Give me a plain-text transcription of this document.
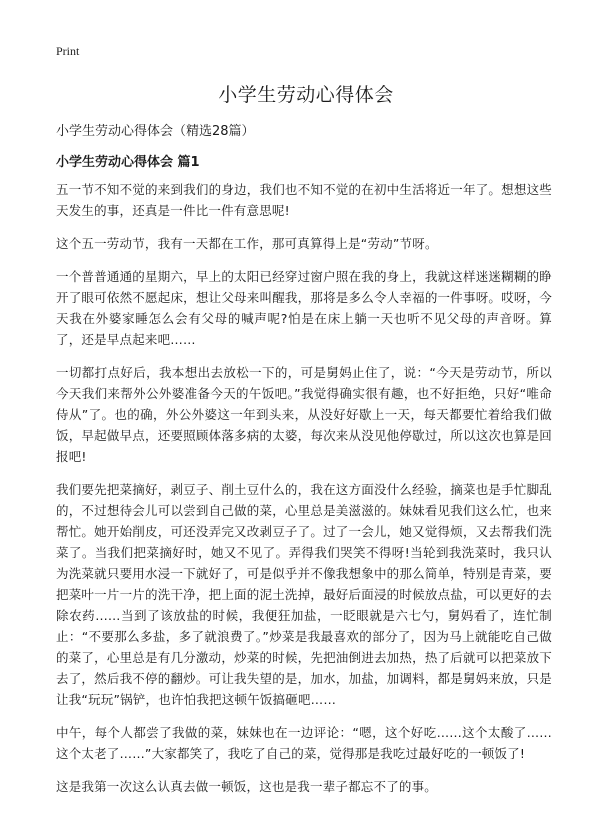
Print
小学生劳动心得体会

小学生劳动心得体会（精选28篇）

小学生劳动心得体会 篇1

五一节不知不觉的来到我们的身边，我们也不知不觉的在初中生活将近一年了。想想这些天发生的事，还真是一件比一件有意思呢!

这个五一劳动节，我有一天都在工作，那可真算得上是“劳动”节呀。

一个普普通通的星期六，早上的太阳已经穿过窗户照在我的身上，我就这样迷迷糊糊的睁开了眼可依然不愿起床，想让父母来叫醒我，那将是多么令人幸福的一件事呀。哎呀，今天我在外婆家睡怎么会有父母的喊声呢?怕是在床上躺一天也听不见父母的声音呀。算了，还是早点起来吧……

一切都打点好后，我本想出去放松一下的，可是舅妈止住了，说：“今天是劳动节，所以今天我们来帮外公外婆准备今天的午饭吧。”我觉得确实很有趣，也不好拒绝，只好“唯命侍从”了。也的确，外公外婆这一年到头来，从没好好歇上一天，每天都要忙着给我们做饭，早起做早点，还要照顾体落多病的太婆，每次来从没见他停歇过，所以这次也算是回报吧!

我们要先把菜摘好，剥豆子、削土豆什么的，我在这方面没什么经验，摘菜也是手忙脚乱的，不过想待会儿可以尝到自己做的菜，心里总是美滋滋的。妹妹看见我们这么忙，也来帮忙。她开始削皮，可还没弄完又改剥豆子了。过了一会儿，她又觉得烦，又去帮我们洗菜了。当我们把菜摘好时，她又不见了。弄得我们哭笑不得呀!当轮到我洗菜时，我只认为洗菜就只要用水浸一下就好了，可是似乎并不像我想象中的那么简单，特别是青菜，要把菜叶一片一片的洗干净，把上面的泥土洗掉，最好后面浸的时候放点盐，可以更好的去除农药……当到了该放盐的时候，我便狂加盐，一眨眼就是六七勺，舅妈看了，连忙制止：“不要那么多盐，多了就浪费了。”炒菜是我最喜欢的部分了，因为马上就能吃自己做的菜了，心里总是有几分激动，炒菜的时候，先把油倒进去加热，热了后就可以把菜放下去了，然后我不停的翻炒。可让我失望的是，加水，加盐，加调料，都是舅妈来放，只是让我“玩玩”锅铲，也许怕我把这顿午饭搞砸吧……

中午，每个人都尝了我做的菜，妹妹也在一边评论：“嗯，这个好吃……这个太酸了……这个太老了……”大家都笑了，我吃了自己的菜，觉得那是我吃过最好吃的一顿饭了!

这是我第一次这么认真去做一顿饭，这也是我一辈子都忘不了的事。
